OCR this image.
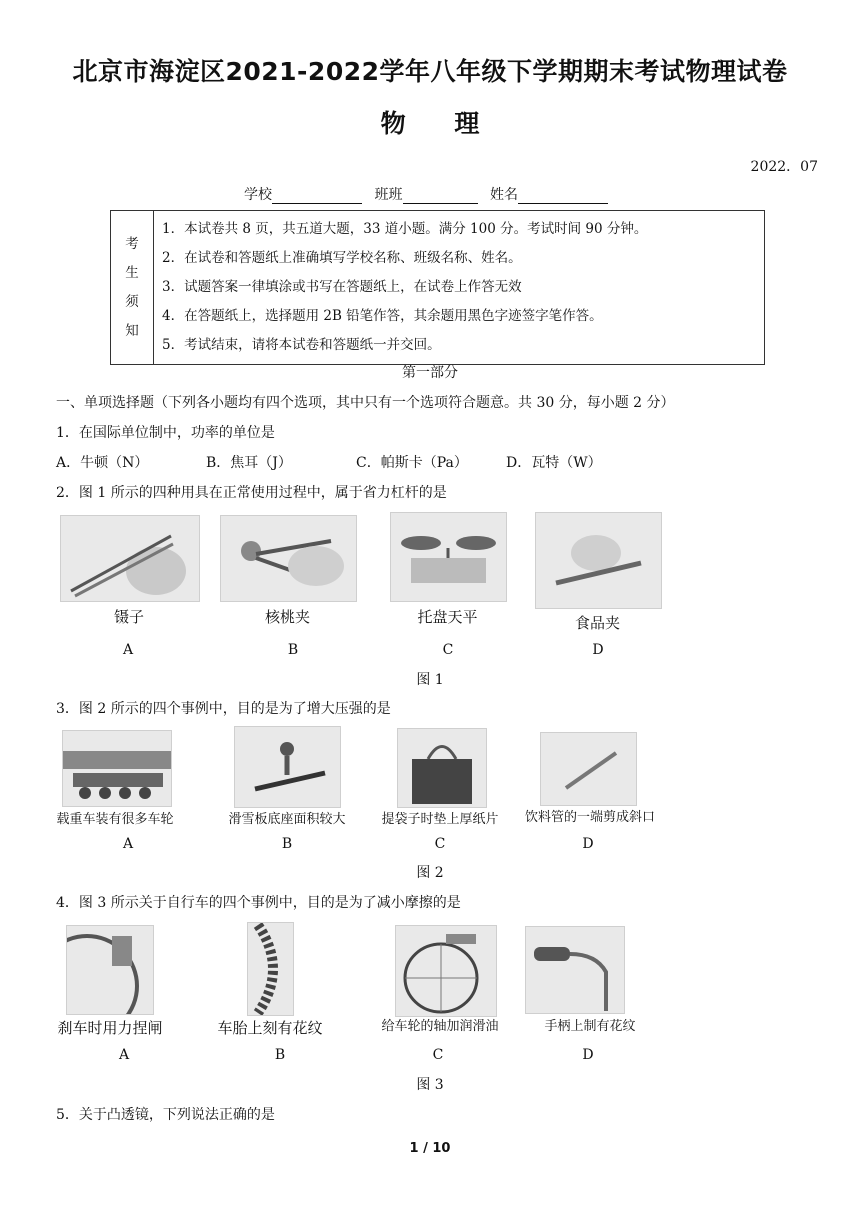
北京市海淀区2021-2022学年八年级下学期期末考试物理试卷
物 理
2022．07
学校	班班	姓名
考
生
须
知

1．本试卷共 8 页，共五道大题，33 道小题。满分 100 分。考试时间 90 分钟。
2．在试卷和答题纸上准确填写学校名称、班级名称、姓名。
3．试题答案一律填涂或书写在答题纸上，在试卷上作答无效
4．在答题纸上，选择题用 2B 铅笔作答，其余题用黑色字迹签字笔作答。
5．考试结束，请将本试卷和答题纸一并交回。
第一部分
一、单项选择题（下列各小题均有四个选项，其中只有一个选项符合题意。共 30 分，每小题 2 分）
1．在国际单位制中，功率的单位是
A．牛顿（N）	B．焦耳（J）	C．帕斯卡（Pa）	D．瓦特（W）
2．图 1 所示的四种用具在正常使用过程中，属于省力杠杆的是
镊子	核桃夹	托盘天平	食品夹
A	B	C	D
图 1
3．图 2 所示的四个事例中，目的是为了增大压强的是
载重车装有很多车轮	滑雪板底座面积较大	提袋子时垫上厚纸片	饮料管的一端剪成斜口
A	B	C	D
图 2
4．图 3 所示关于自行车的四个事例中，目的是为了减小摩擦的是
刹车时用力捏闸	车胎上刻有花纹	给车轮的轴加润滑油	手柄上制有花纹
A	B	C	D
图 3
5．关于凸透镜，下列说法正确的是
1 / 10
